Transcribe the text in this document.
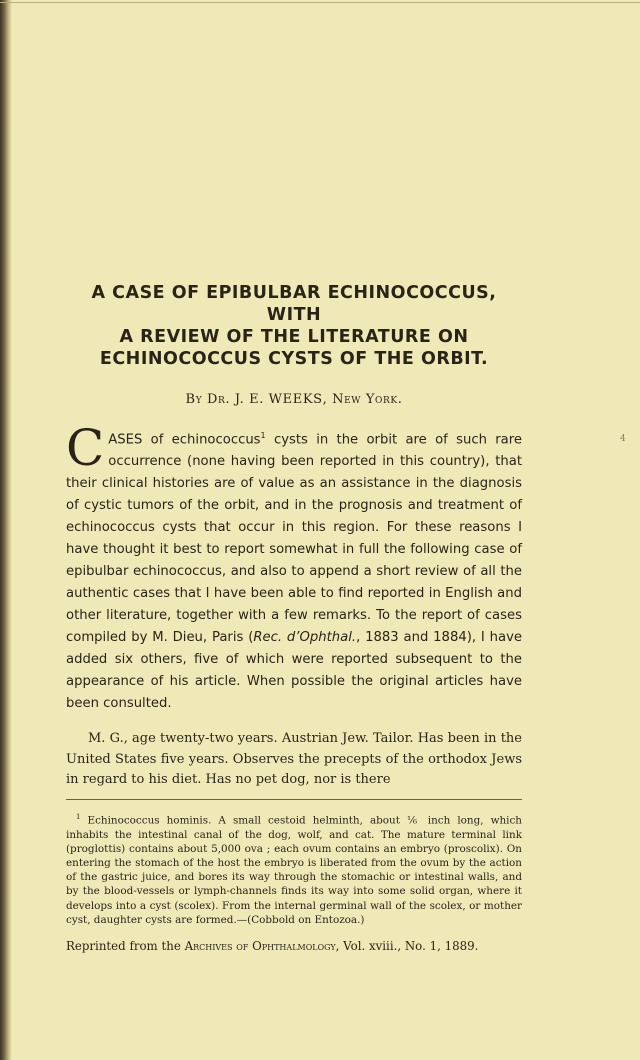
4
A CASE OF EPIBULBAR ECHINOCOCCUS, WITH
A REVIEW OF THE LITERATURE ON
ECHINOCOCCUS CYSTS OF THE ORBIT.
By Dr. J. E. WEEKS, New York.

CASES of echinococcus$^1$ cysts in the orbit are of such rare occurrence (none having been reported in this country), that their clinical histories are of value as an assistance in the diagnosis of cystic tumors of the orbit, and in the prognosis and treatment of echinococcus cysts that occur in this region. For these reasons I have thought it best to report somewhat in full the following case of epibulbar echinococcus, and also to append a short review of all the authentic cases that I have been able to find reported in English and other literature, together with a few remarks. To the report of cases compiled by M. Dieu, Paris (Rec. d’Ophthal., 1883 and 1884), I have added six others, five of which were reported subsequent to the appearance of his article. When possible the original articles have been consulted.

M. G., age twenty-two years. Austrian Jew. Tailor. Has been in the United States five years. Observes the precepts of the orthodox Jews in regard to his diet. Has no pet dog, nor is there

$^1$ Echinococcus hominis. A small cestoid helminth, about ⅙ inch long, which inhabits the intestinal canal of the dog, wolf, and cat. The mature terminal link (proglottis) contains about 5,000 ova ; each ovum contains an embryo (proscolix). On entering the stomach of the host the embryo is liberated from the ovum by the action of the gastric juice, and bores its way through the stomachic or intestinal walls, and by the blood-vessels or lymph-channels finds its way into some solid organ, where it develops into a cyst (scolex). From the internal germinal wall of the scolex, or mother cyst, daughter cysts are formed.—(Cobbold on Entozoa.)

Reprinted from the Archives of Ophthalmology, Vol. xviii., No. 1, 1889.
